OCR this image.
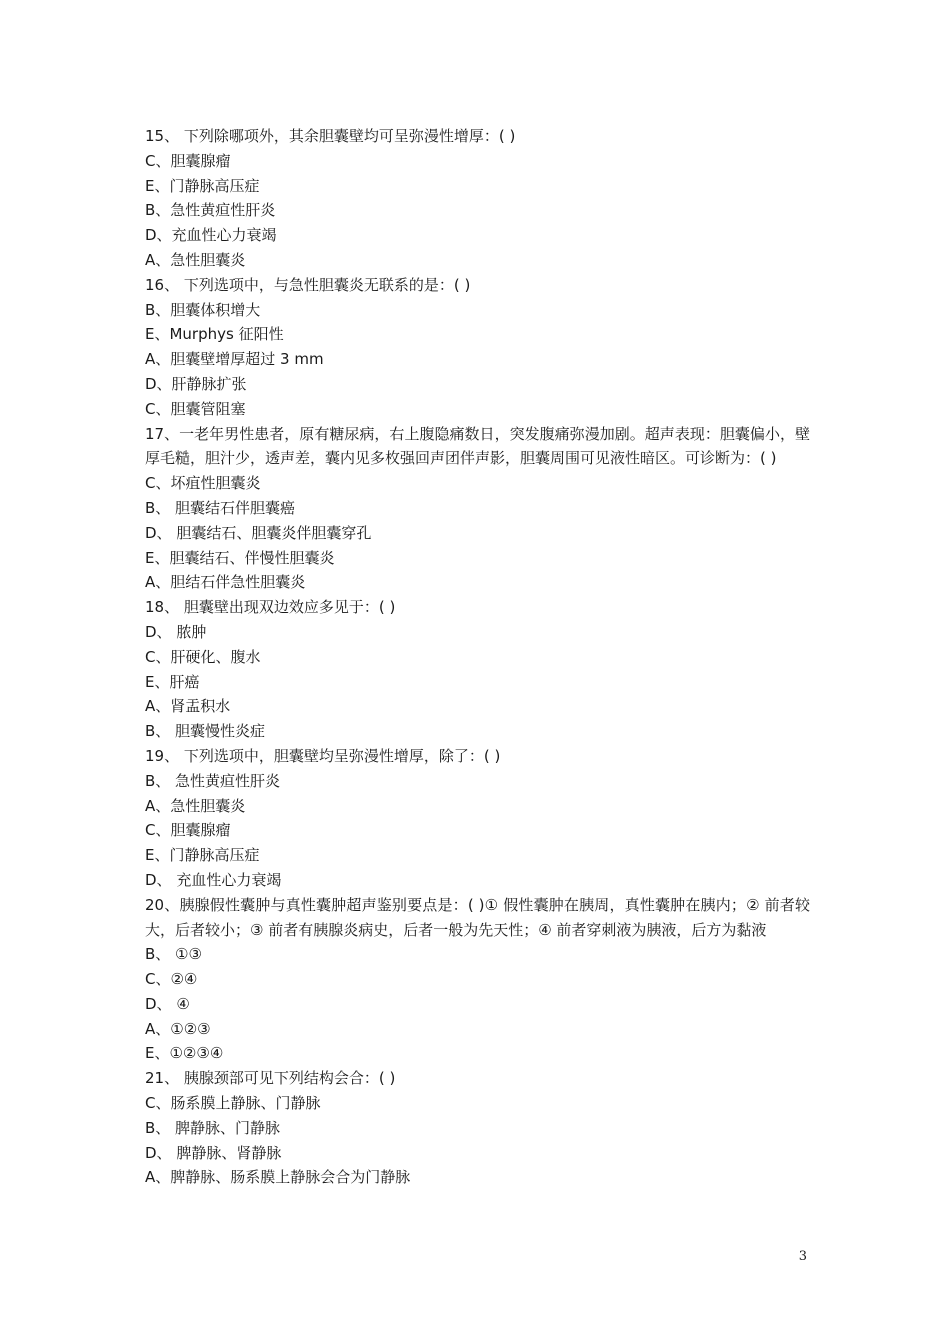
15、 下列除哪项外，其余胆囊壁均可呈弥漫性增厚：( )
C、胆囊腺瘤
E、门静脉高压症
B、急性黄疸性肝炎
D、充血性心力衰竭
A、急性胆囊炎
16、 下列选项中，与急性胆囊炎无联系的是：( )
B、胆囊体积增大
E、Murphys 征阳性
A、胆囊壁增厚超过 3 mm
D、肝静脉扩张
C、胆囊管阻塞
17、一老年男性患者，原有糖尿病，右上腹隐痛数日，突发腹痛弥漫加剧。超声表现：胆囊偏小，壁厚毛糙，胆汁少，透声差，囊内见多枚强回声团伴声影，胆囊周围可见液性暗区。可诊断为：( )
C、坏疽性胆囊炎
B、 胆囊结石伴胆囊癌
D、 胆囊结石、胆囊炎伴胆囊穿孔
E、胆囊结石、伴慢性胆囊炎
A、胆结石伴急性胆囊炎
18、 胆囊壁出现双边效应多见于：( )
D、 脓肿
C、肝硬化、腹水
E、肝癌
A、肾盂积水
B、 胆囊慢性炎症
19、 下列选项中，胆囊壁均呈弥漫性增厚，除了：( )
B、 急性黄疸性肝炎
A、急性胆囊炎
C、胆囊腺瘤
E、门静脉高压症
D、 充血性心力衰竭
20、胰腺假性囊肿与真性囊肿超声鉴别要点是：( )① 假性囊肿在胰周，真性囊肿在胰内；② 前者较大，后者较小；③ 前者有胰腺炎病史，后者一般为先天性；④ 前者穿刺液为胰液，后方为黏液
B、 ①③
C、②④
D、 ④
A、①②③
E、①②③④
21、 胰腺颈部可见下列结构会合：( )
C、肠系膜上静脉、门静脉
B、 脾静脉、门静脉
D、 脾静脉、肾静脉
A、脾静脉、肠系膜上静脉会合为门静脉
3
